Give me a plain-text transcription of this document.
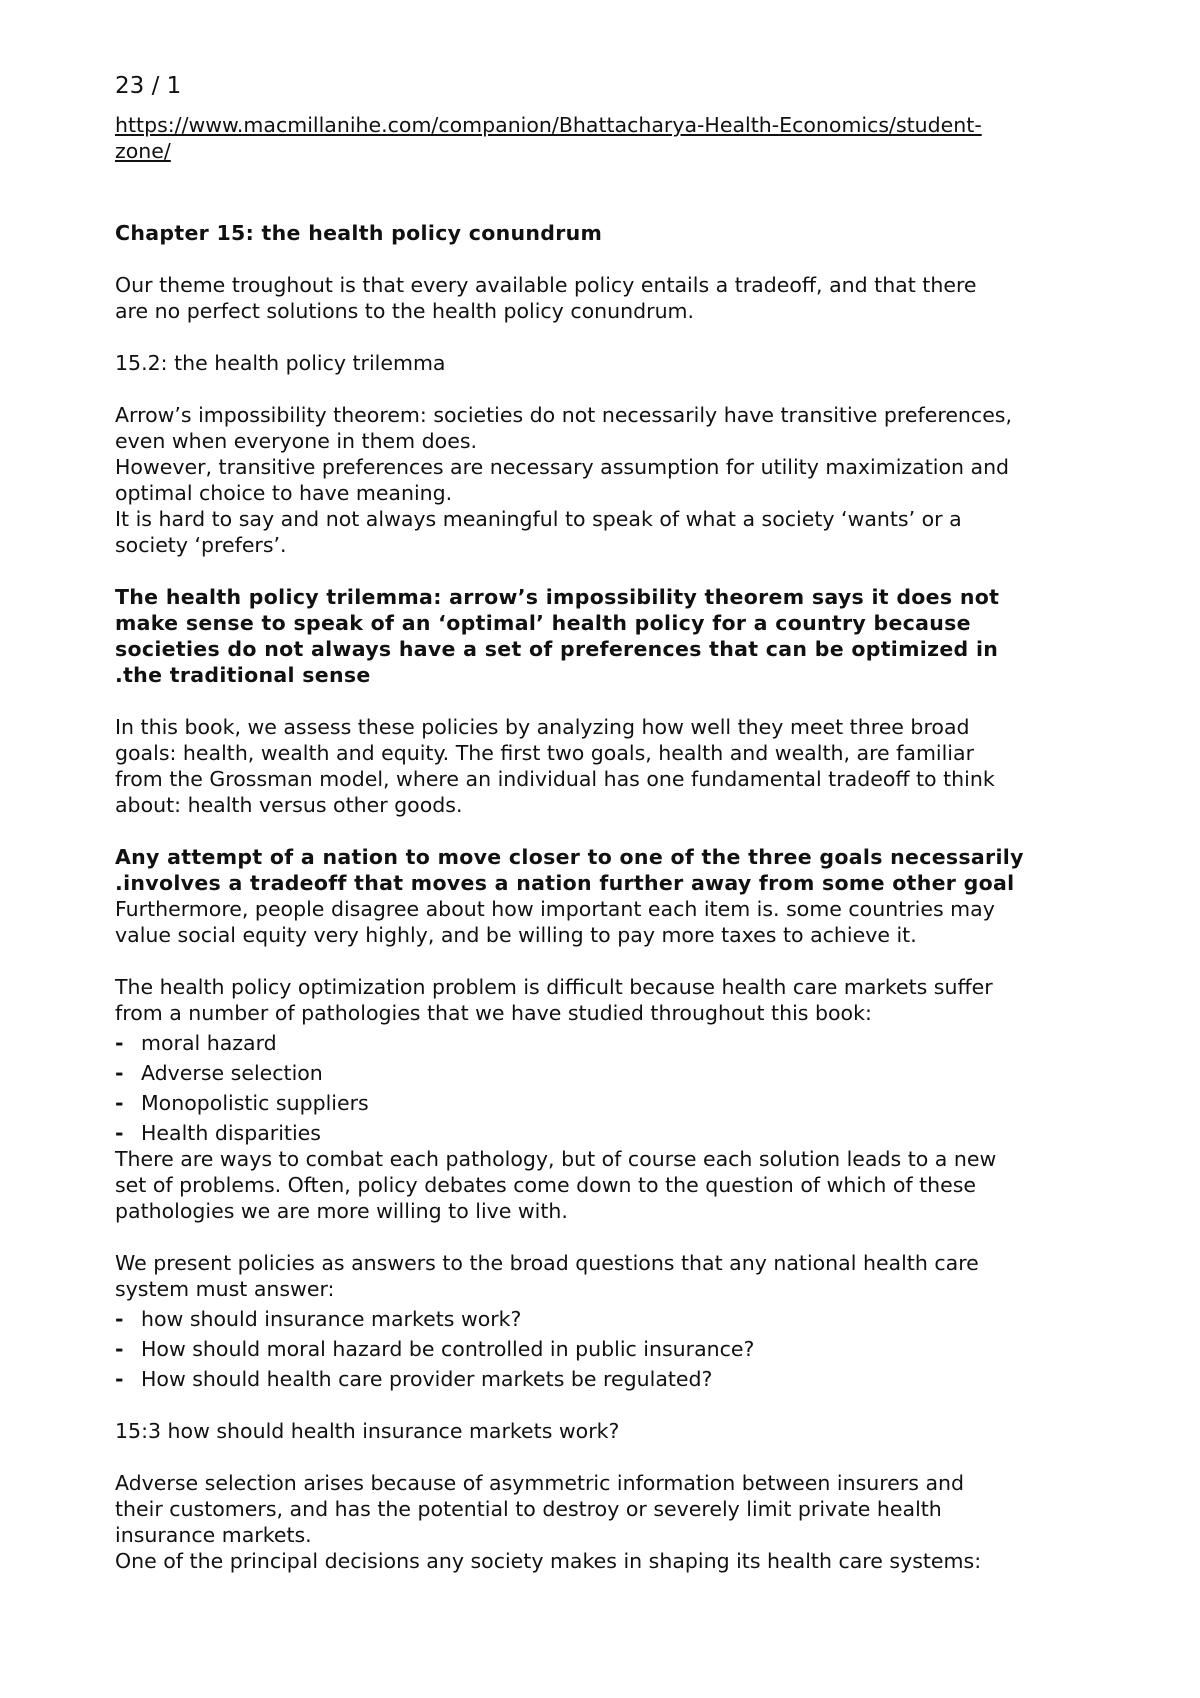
23 / 1
https://www.macmillanihe.com/companion/Bhattacharya-Health-Economics/student-
zone/
Chapter 15: the health policy conundrum
Our theme troughout is that every available policy entails a tradeoff, and that there
are no perfect solutions to the health policy conundrum.
15.2: the health policy trilemma
Arrow’s impossibility theorem: societies do not necessarily have transitive preferences,
even when everyone in them does.
However, transitive preferences are necessary assumption for utility maximization and
optimal choice to have meaning.
It is hard to say and not always meaningful to speak of what a society ‘wants’ or a
society ‘prefers’.
The health policy trilemma: arrow’s impossibility theorem says it does not
make sense to speak of an ‘optimal’ health policy for a country because
societies do not always have a set of preferences that can be optimized in
.the traditional sense
In this book, we assess these policies by analyzing how well they meet three broad
goals: health, wealth and equity. The first two goals, health and wealth, are familiar
from the Grossman model, where an individual has one fundamental tradeoff to think
about: health versus other goods.
Any attempt of a nation to move closer to one of the three goals necessarily
.involves a tradeoff that moves a nation further away from some other goal
Furthermore, people disagree about how important each item is. some countries may
value social equity very highly, and be willing to pay more taxes to achieve it.
The health policy optimization problem is difficult because health care markets suffer
from a number of pathologies that we have studied throughout this book:
- moral hazard
- Adverse selection
- Monopolistic suppliers
- Health disparities
There are ways to combat each pathology, but of course each solution leads to a new
set of problems. Often, policy debates come down to the question of which of these
pathologies we are more willing to live with.
We present policies as answers to the broad questions that any national health care
system must answer:
- how should insurance markets work?
- How should moral hazard be controlled in public insurance?
- How should health care provider markets be regulated?
15:3 how should health insurance markets work?
Adverse selection arises because of asymmetric information between insurers and
their customers, and has the potential to destroy or severely limit private health
insurance markets.
One of the principal decisions any society makes in shaping its health care systems:
